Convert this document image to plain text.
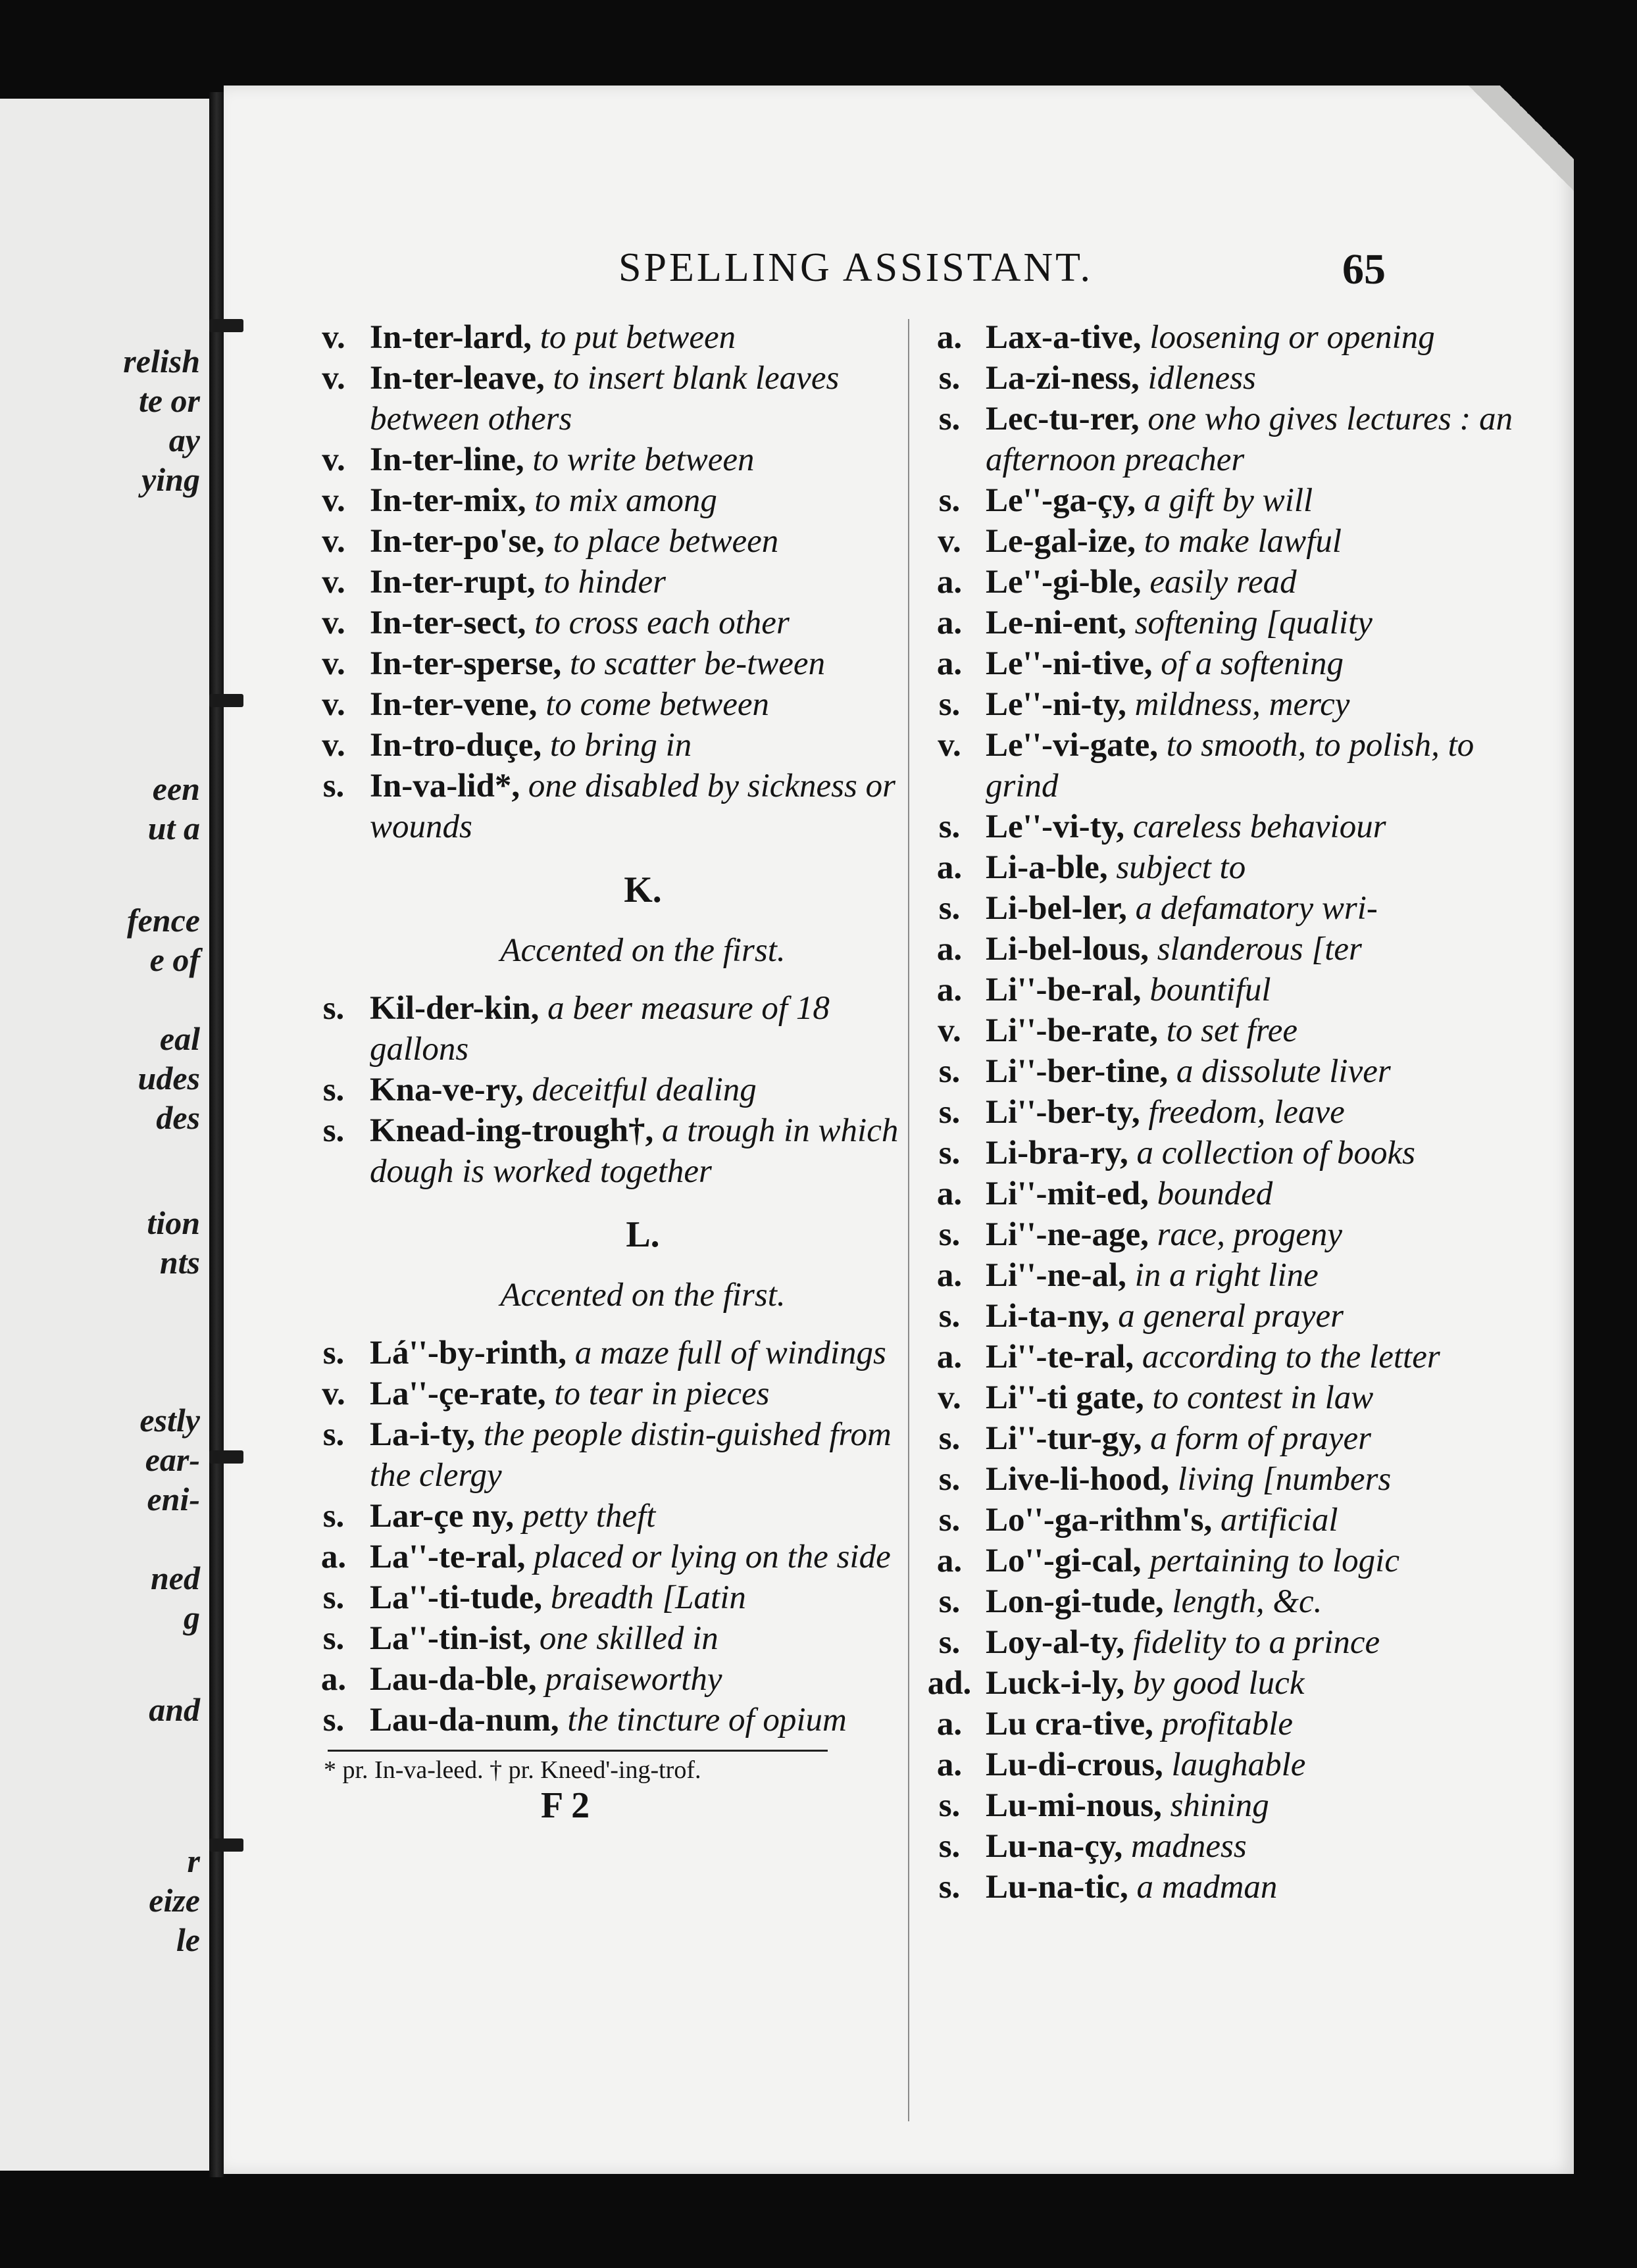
relish
te or
ay
ying
een
ut a
fence
e of
eal
udes
des
tion
nts
estly
ear-
eni-
ned
g
and
r
eize
le
SPELLING ASSISTANT.	65

v. In-ter-lard, to put between

v. In-ter-leave, to insert blank leaves between others

v. In-ter-line, to write between

v. In-ter-mix, to mix among

v. In-ter-po'se, to place between

v. In-ter-rupt, to hinder

v. In-ter-sect, to cross each other

v. In-ter-sperse, to scatter be-tween

v. In-ter-vene, to come between

v. In-tro-duçe, to bring in

s. In-va-lid*, one disabled by sickness or wounds

K.
Accented on the first.

s. Kil-der-kin, a beer measure of 18 gallons

s. Kna-ve-ry, deceitful dealing

s. Knead-ing-trough†, a trough in which dough is worked together

L.
Accented on the first.

s. Lá''-by-rinth, a maze full of windings

v. La''-çe-rate, to tear in pieces

s. La-i-ty, the people distin-guished from the clergy

s. Lar-çe ny, petty theft

a. La''-te-ral, placed or lying on the side

s. La''-ti-tude, breadth [Latin

s. La''-tin-ist, one skilled in

a. Lau-da-ble, praiseworthy

s. Lau-da-num, the tincture of opium

* pr. In-va-leed. † pr. Kneed'-ing-trof.
F 2

a. Lax-a-tive, loosening or opening

s. La-zi-ness, idleness

s. Lec-tu-rer, one who gives lectures : an afternoon preacher

s. Le''-ga-çy, a gift by will

v. Le-gal-ize, to make lawful

a. Le''-gi-ble, easily read

a. Le-ni-ent, softening [quality

a. Le''-ni-tive, of a softening

s. Le''-ni-ty, mildness, mercy

v. Le''-vi-gate, to smooth, to polish, to grind

s. Le''-vi-ty, careless behaviour

a. Li-a-ble, subject to

s. Li-bel-ler, a defamatory wri-

a. Li-bel-lous, slanderous [ter

a. Li''-be-ral, bountiful

v. Li''-be-rate, to set free

s. Li''-ber-tine, a dissolute liver

s. Li''-ber-ty, freedom, leave

s. Li-bra-ry, a collection of books

a. Li''-mit-ed, bounded

s. Li''-ne-age, race, progeny

a. Li''-ne-al, in a right line

s. Li-ta-ny, a general prayer

a. Li''-te-ral, according to the letter

v. Li''-ti gate, to contest in law

s. Li''-tur-gy, a form of prayer

s. Live-li-hood, living [numbers

s. Lo''-ga-rithm's, artificial

a. Lo''-gi-cal, pertaining to logic

s. Lon-gi-tude, length, &c.

s. Loy-al-ty, fidelity to a prince

ad. Luck-i-ly, by good luck

a. Lu cra-tive, profitable

a. Lu-di-crous, laughable

s. Lu-mi-nous, shining

s. Lu-na-çy, madness

s. Lu-na-tic, a madman
